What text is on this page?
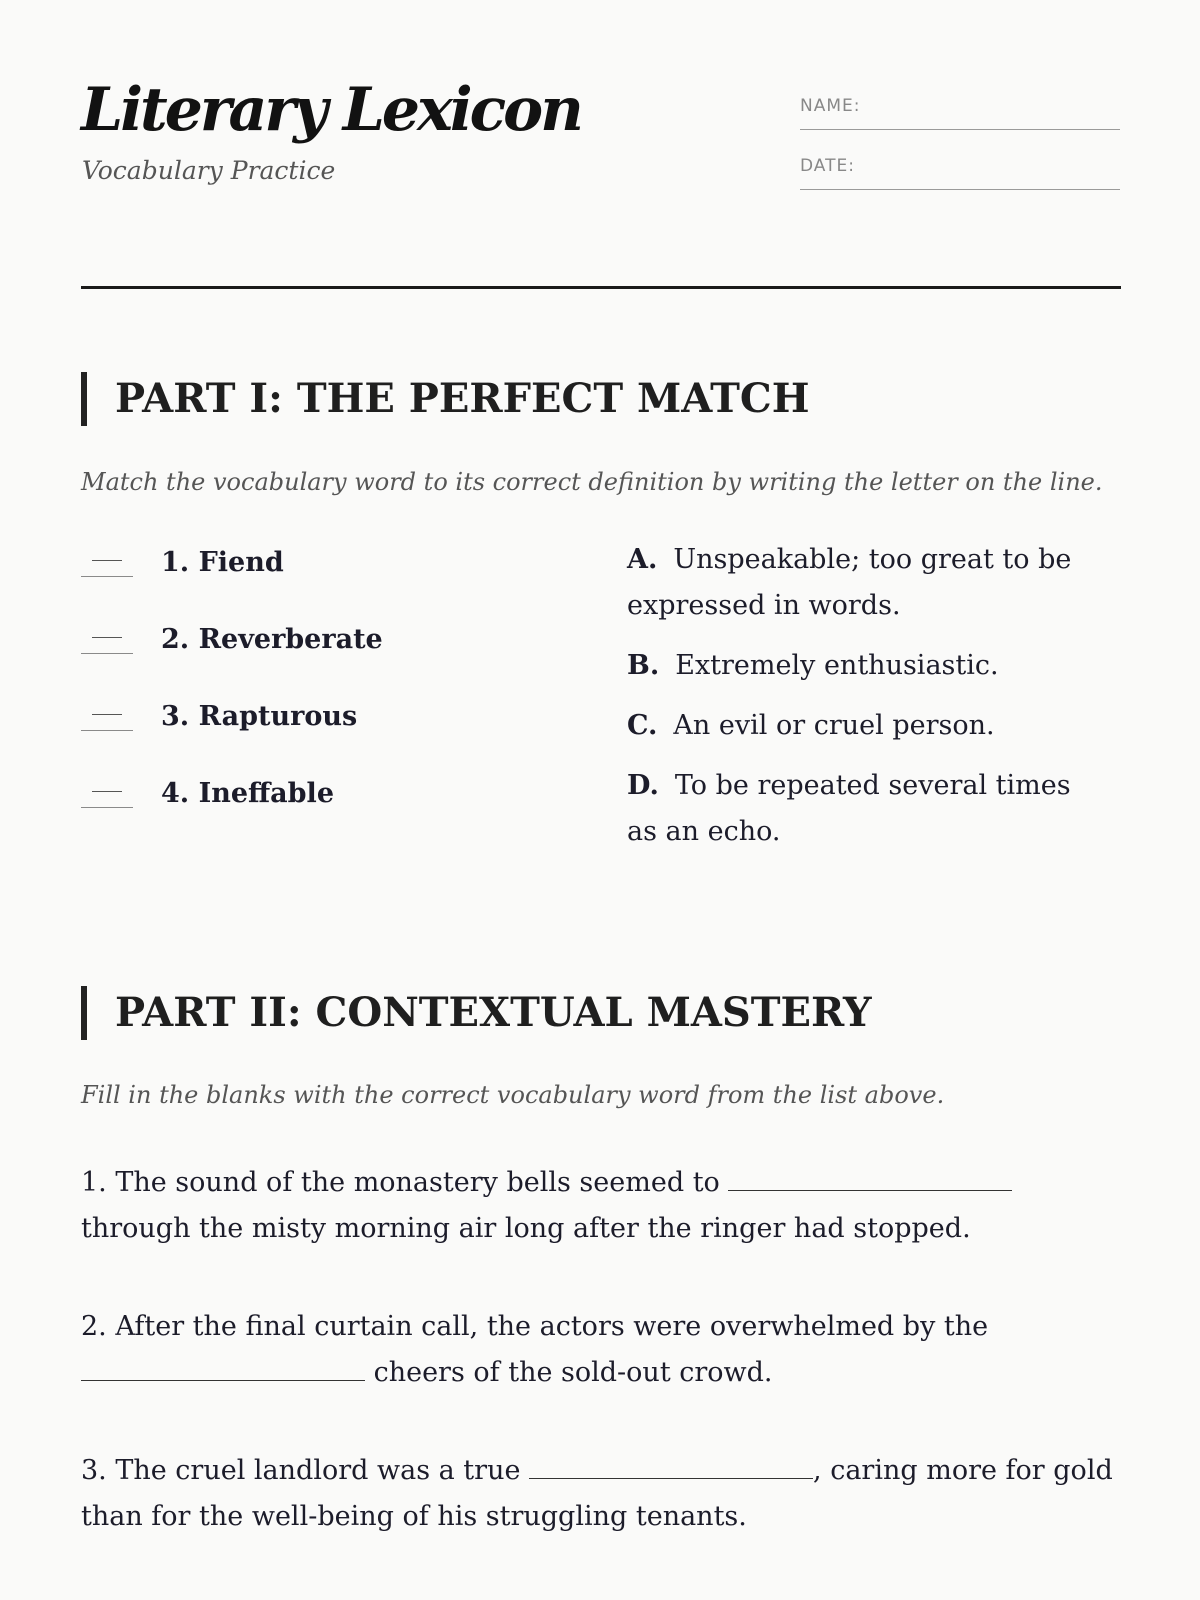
Literary Lexicon
Vocabulary Practice
NAME:
DATE:
PART I: THE PERFECT MATCH
Match the vocabulary word to its correct definition by writing the letter on the line.
1. Fiend
2. Reverberate
3. Rapturous
4. Ineffable
A. Unspeakable; too great to be expressed in words.
B. Extremely enthusiastic.
C. An evil or cruel person.
D. To be repeated several times as an echo.
PART II: CONTEXTUAL MASTERY
Fill in the blanks with the correct vocabulary word from the list above.

1. The sound of the monastery bells seemed to  through the misty morning air long after the ringer had stopped.

2. After the final curtain call, the actors were overwhelmed by the  cheers of the sold-out crowd.

3. The cruel landlord was a true	, caring more for gold than for the well-being of his struggling tenants.
